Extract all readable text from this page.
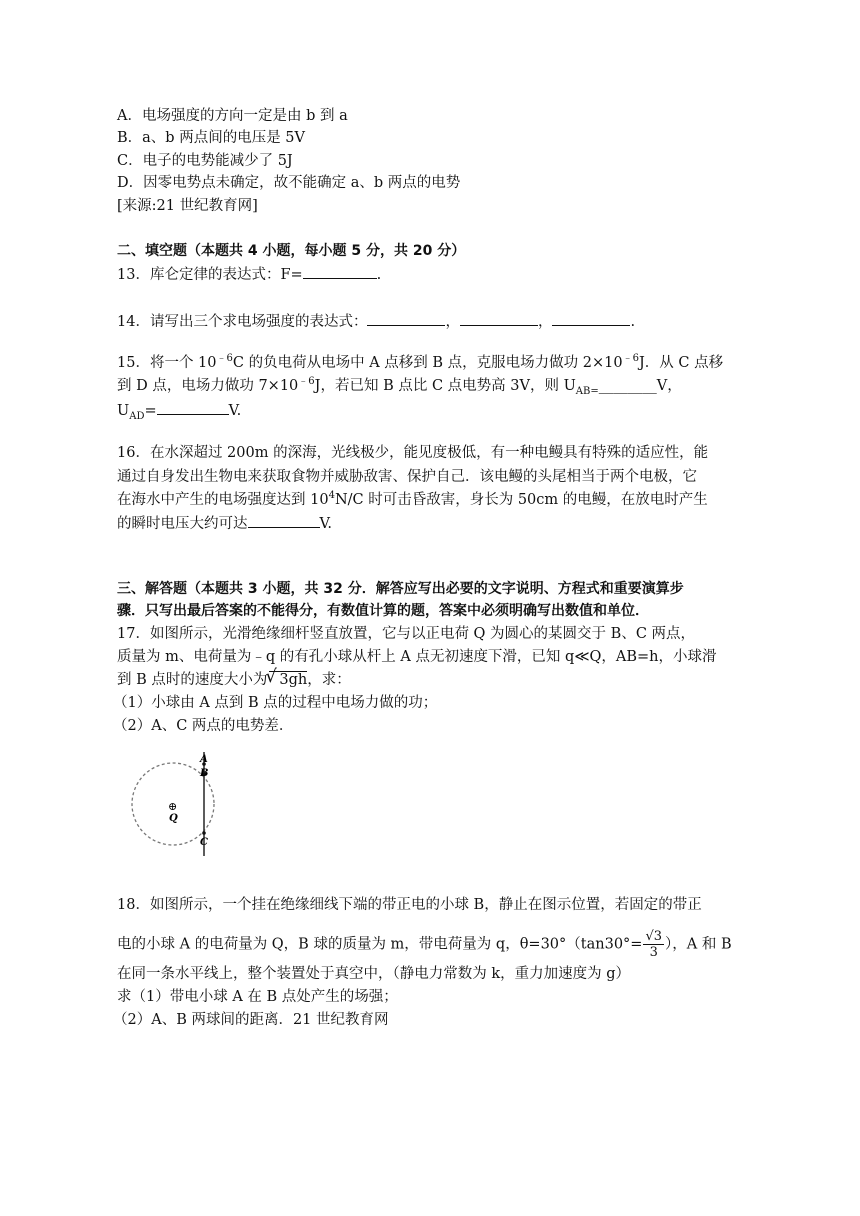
A．电场强度的方向一定是由 b 到 a
B．a、b 两点间的电压是 5V
C．电子的电势能减少了 5J
D．因零电势点未确定，故不能确定 a、b 两点的电势
[来源:21 世纪教育网]
二、填空题（本题共 4 小题，每小题 5 分，共 20 分）
13．库仑定律的表达式：F=	.
14．请写出三个求电场强度的表达式：	，	，	.
15．将一个 $10^{﹣6}C$ 的负电荷从电场中 A 点移到 B 点，克服电场力做功 $2\times 10^{﹣6}J$．从 C 点移
到 D 点，电场力做功 $7\times 10^{﹣6}J$，若已知 B 点比 C 点电势高 3V，则 $U_{AB=}\_\_\_\_\_\_\_\_V$，
$U_{AD}=$	V.
16．在水深超过 200m 的深海，光线极少，能见度极低，有一种电鳗具有特殊的适应性，能
通过自身发出生物电来获取食物并威胁敌害、保护自己．该电鳗的头尾相当于两个电极，它
在海水中产生的电场强度达到 $10^4N/C$ 时可击昏敌害，身长为 50cm 的电鳗，在放电时产生
的瞬时电压大约可达	V.
三、解答题（本题共 3 小题，共 32 分．解答应写出必要的文字说明、方程式和重要演算步
骤．只写出最后答案的不能得分，有数值计算的题，答案中必须明确写出数值和单位．
17．如图所示，光滑绝缘细杆竖直放置，它与以正电荷 Q 为圆心的某圆交于 B、C 两点，
质量为 m、电荷量为﹣q 的有孔小球从杆上 A 点无初速度下滑，已知 q≪Q，AB=h，小球滑
到 B 点时的速度大小为√ 3gh，求：
（1）小球由 A 点到 B 点的过程中电场力做的功；
（2）A、C 两点的电势差．
A
B
C
⊕
Q
18．如图所示，一个挂在绝缘细线下端的带正电的小球 B，静止在图示位置，若固定的带正
电的小球 A 的电荷量为 Q，B 球的质量为 m，带电荷量为 q，$\theta=30^\circ(\tan 30^\circ= \frac{√3}{3}$ ），A 和 B
在同一条水平线上，整个装置处于真空中，（静电力常数为 k，重力加速度为 g）
求（1）带电小球 A 在 B 点处产生的场强；
（2）A、B 两球间的距离．21 世纪教育网
